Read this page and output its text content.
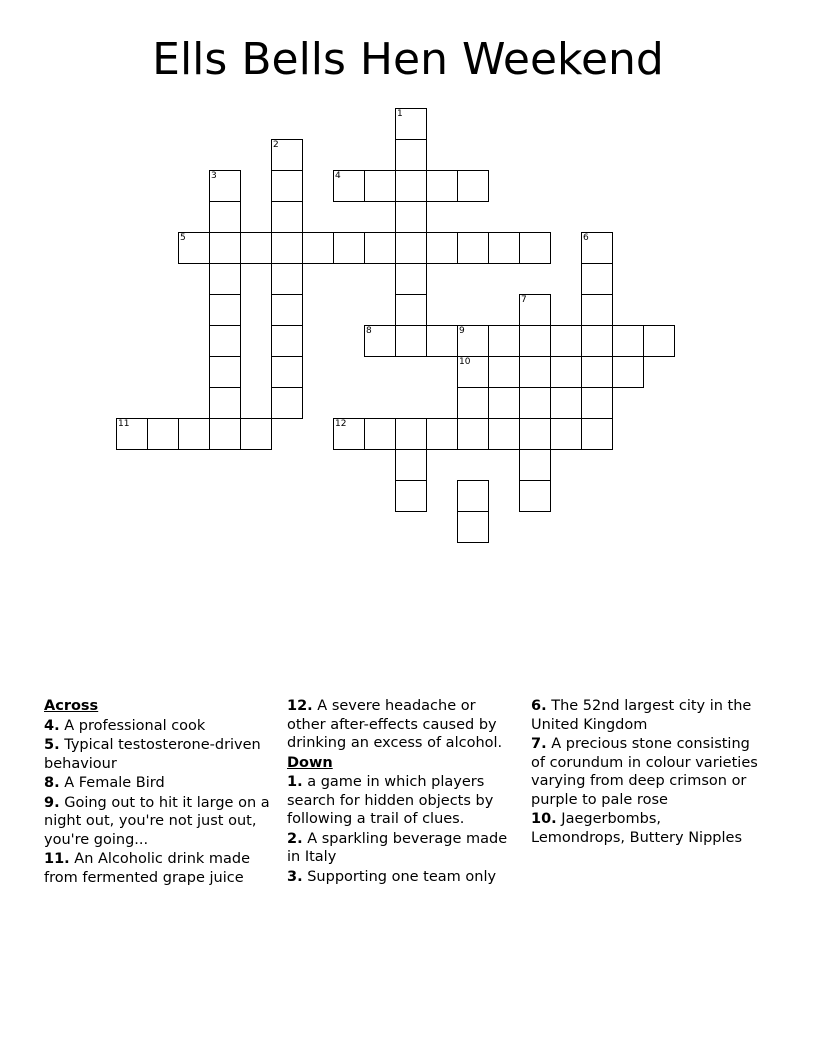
Ells Bells Hen Weekend
1
2
3	4
5	6
7
8	9
10
11	12
Across
4. A professional cook
5. Typical testosterone-driven behaviour
8. A Female Bird
9. Going out to hit it large on a night out, you're not just out, you're going...
11. An Alcoholic drink made from fermented grape juice
12. A severe headache or other after-effects caused by drinking an excess of alcohol.
Down
1. a game in which players search for hidden objects by following a trail of clues.
2. A sparkling beverage made in Italy
3. Supporting one team only
6. The 52nd largest city in the United Kingdom
7. A precious stone consisting of corundum in colour varieties varying from deep crimson or purple to pale rose
10. Jaegerbombs, Lemondrops, Buttery Nipples
